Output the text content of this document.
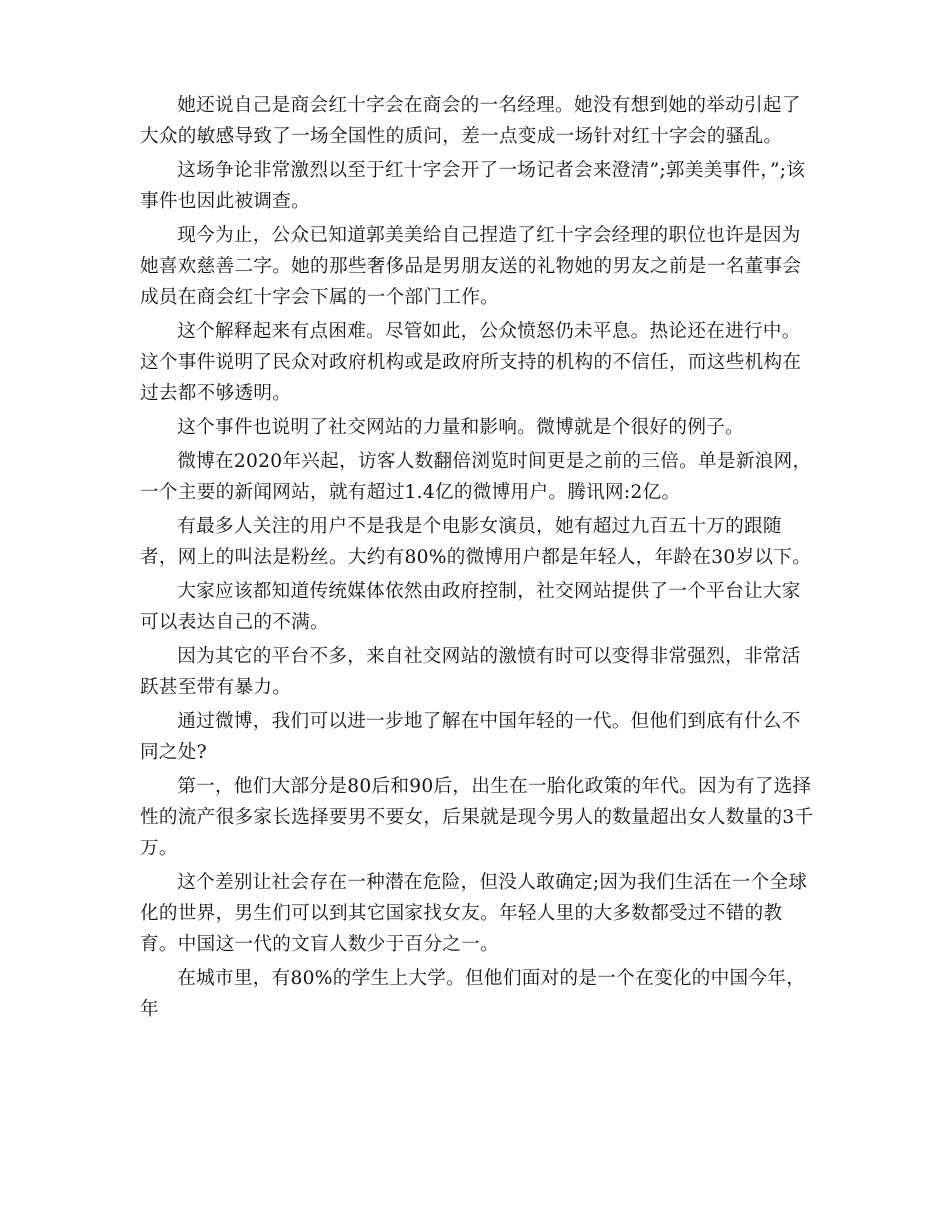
她还说自己是商会红十字会在商会的一名经理。她没有想到她的举动引起了大众的敏感导致了一场全国性的质问，差一点变成一场针对红十字会的骚乱。

这场争论非常激烈以至于红十字会开了一场记者会来澄清”;郭美美事件，”;该事件也因此被调查。

现今为止，公众已知道郭美美给自己捏造了红十字会经理的职位也许是因为她喜欢慈善二字。她的那些奢侈品是男朋友送的礼物她的男友之前是一名董事会成员在商会红十字会下属的一个部门工作。

这个解释起来有点困难。尽管如此，公众愤怒仍未平息。热论还在进行中。这个事件说明了民众对政府机构或是政府所支持的机构的不信任，而这些机构在过去都不够透明。

这个事件也说明了社交网站的力量和影响。微博就是个很好的例子。

微博在2020年兴起，访客人数翻倍浏览时间更是之前的三倍。单是新浪网，一个主要的新闻网站，就有超过1.4亿的微博用户。腾讯网:2亿。

有最多人关注的用户不是我是个电影女演员，她有超过九百五十万的跟随者，网上的叫法是粉丝。大约有80%的微博用户都是年轻人，年龄在30岁以下。

大家应该都知道传统媒体依然由政府控制，社交网站提供了一个平台让大家可以表达自己的不满。

因为其它的平台不多，来自社交网站的激愤有时可以变得非常强烈，非常活跃甚至带有暴力。

通过微博，我们可以进一步地了解在中国年轻的一代。但他们到底有什么不同之处?

第一，他们大部分是80后和90后，出生在一胎化政策的年代。因为有了选择性的流产很多家长选择要男不要女，后果就是现今男人的数量超出女人数量的3千万。

这个差别让社会存在一种潜在危险，但没人敢确定;因为我们生活在一个全球化的世界，男生们可以到其它国家找女友。年轻人里的大多数都受过不错的教育。中国这一代的文盲人数少于百分之一。

在城市里，有80%的学生上大学。但他们面对的是一个在变化的中国今年，年
